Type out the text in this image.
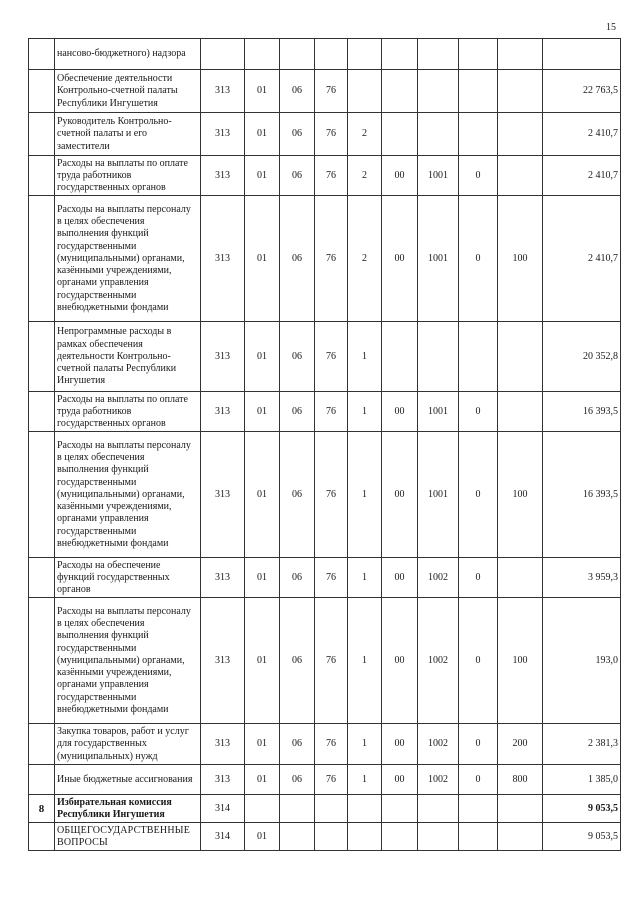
15
	нансово-бюджетного) надзора										
	Обеспечение деятельности Контрольно-счетной палаты Республики Ингушетия	313	01	06	76						22 763,5
	Руководитель Контрольно-счетной палаты и его заместители	313	01	06	76	2					2 410,7
	Расходы на выплаты по оплате труда работников государственных органов	313	01	06	76	2	00	1001	0		2 410,7
	Расходы на выплаты персоналу в целях обеспечения выполнения функций государственными (муниципальными) органами, казёнными учреждениями, органами управления государственными внебюджетными фондами	313	01	06	76	2	00	1001	0	100	2 410,7
	Непрограммные расходы в рамках обеспечения деятельности Контрольно-счетной палаты Республики Ингушетия	313	01	06	76	1					20 352,8
	Расходы на выплаты по оплате труда работников государственных органов	313	01	06	76	1	00	1001	0		16 393,5
	Расходы на выплаты персоналу в целях обеспечения выполнения функций государственными (муниципальными) органами, казёнными учреждениями, органами управления государственными внебюджетными фондами	313	01	06	76	1	00	1001	0	100	16 393,5
	Расходы на обеспечение функций государственных органов	313	01	06	76	1	00	1002	0		3 959,3
	Расходы на выплаты персоналу в целях обеспечения выполнения функций государственными (муниципальными) органами, казёнными учреждениями, органами управления государственными внебюджетными фондами	313	01	06	76	1	00	1002	0	100	193,0
	Закупка товаров, работ и услуг для государственных (муниципальных) нужд	313	01	06	76	1	00	1002	0	200	2 381,3
	Иные бюджетные ассигнования	313	01	06	76	1	00	1002	0	800	1 385,0
8	Избирательная комиссия Республики Ингушетия	314									9 053,5
	ОБЩЕГОСУДАРСТВЕННЫЕ ВОПРОСЫ	314	01								9 053,5
